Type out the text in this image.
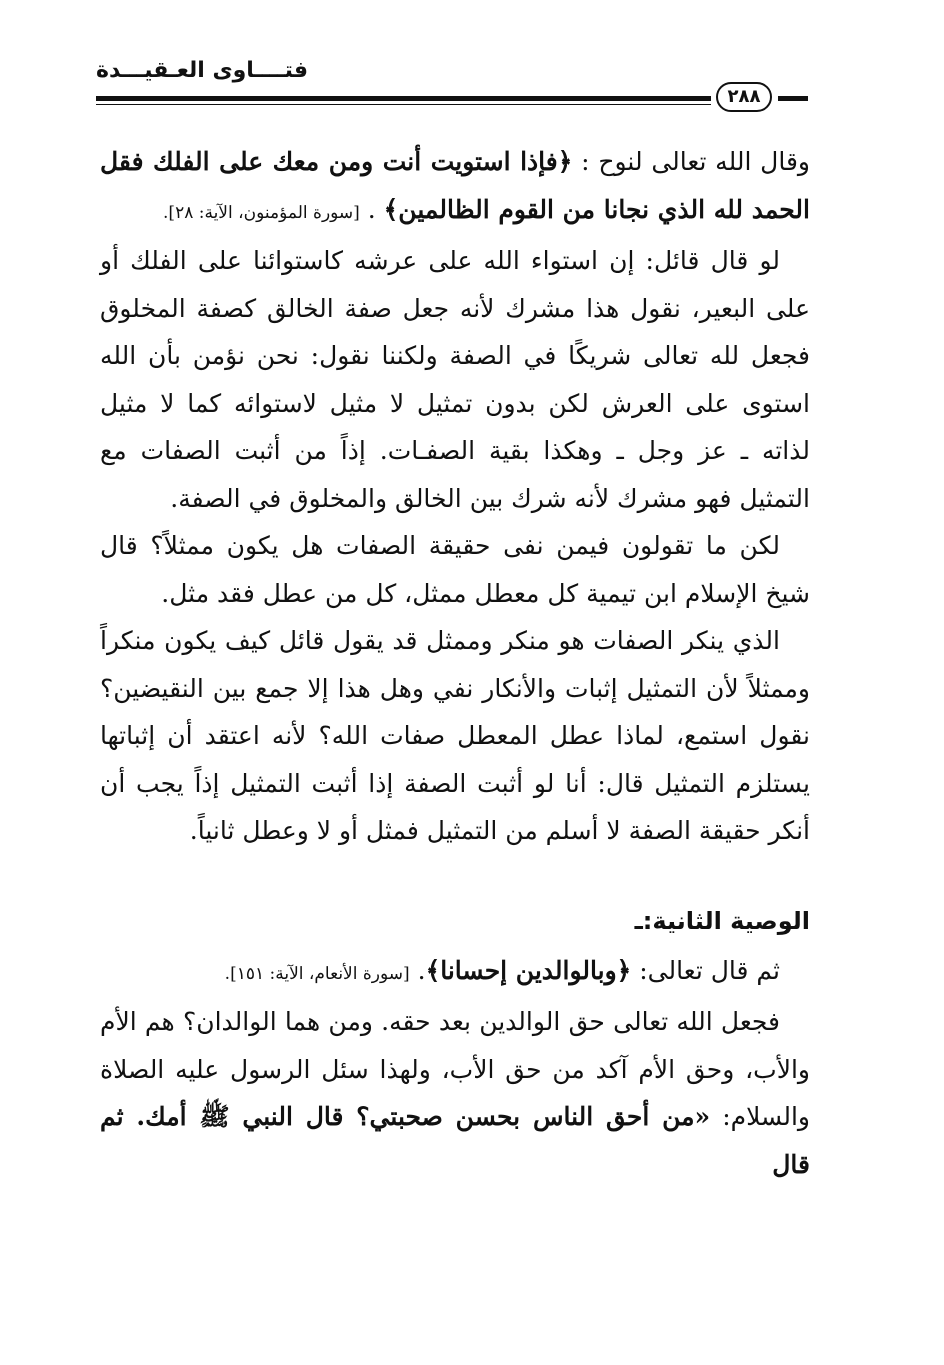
فتــــاوى العـقيـــدة
٢٨٨

وقال الله تعالى لنوح : ﴿فإذا استويت أنت ومن معك على الفلك فقل الحمد لله الذي نجانا من القوم الظالمين﴾ . [سورة المؤمنون، الآية: ٢٨].

لو قال قائل: إن استواء الله على عرشه كاستوائنا على الفلك أو على البعير، نقول هذا مشرك لأنه جعل صفة الخالق كصفة المخلوق فجعل لله تعالى شريكًا في الصفة ولكننا نقول: نحن نؤمن بأن الله استوى على العرش لكن بدون تمثيل لا مثيل لاستوائه كما لا مثيل لذاته ـ عز وجل ـ وهكذا بقية الصفـات. إذاً من أثبت الصفات مع التمثيل فهو مشرك لأنه شرك بين الخالق والمخلوق في الصفة.

لكن ما تقولون فيمن نفى حقيقة الصفات هل يكون ممثلاً؟ قال شيخ الإسلام ابن تيمية كل معطل ممثل، كل من عطل فقد مثل.

الذي ينكر الصفات هو منكر وممثل قد يقول قائل كيف يكون منكراً وممثلاً لأن التمثيل إثبات والأنكار نفي وهل هذا إلا جمع بين النقيضين؟ نقول استمع، لماذا عطل المعطل صفات الله؟ لأنه اعتقد أن إثباتها يستلزم التمثيل قال: أنا لو أثبت الصفة إذا أثبت التمثيل إذاً يجب أن أنكر حقيقة الصفة لا أسلم من التمثيل فمثل أو لا وعطل ثانياً.

الوصية الثانية:ـ

ثم قال تعالى: ﴿وبالوالدين إحسانا﴾. [سورة الأنعام، الآية: ١٥١].

فجعل الله تعالى حق الوالدين بعد حقه. ومن هما الوالدان؟ هم الأم والأب، وحق الأم آكد من حق الأب، ولهذا سئل الرسول عليه الصلاة والسلام: «من أحق الناس بحسن صحبتي؟ قال النبي ﷺ أمك. ثم قال
